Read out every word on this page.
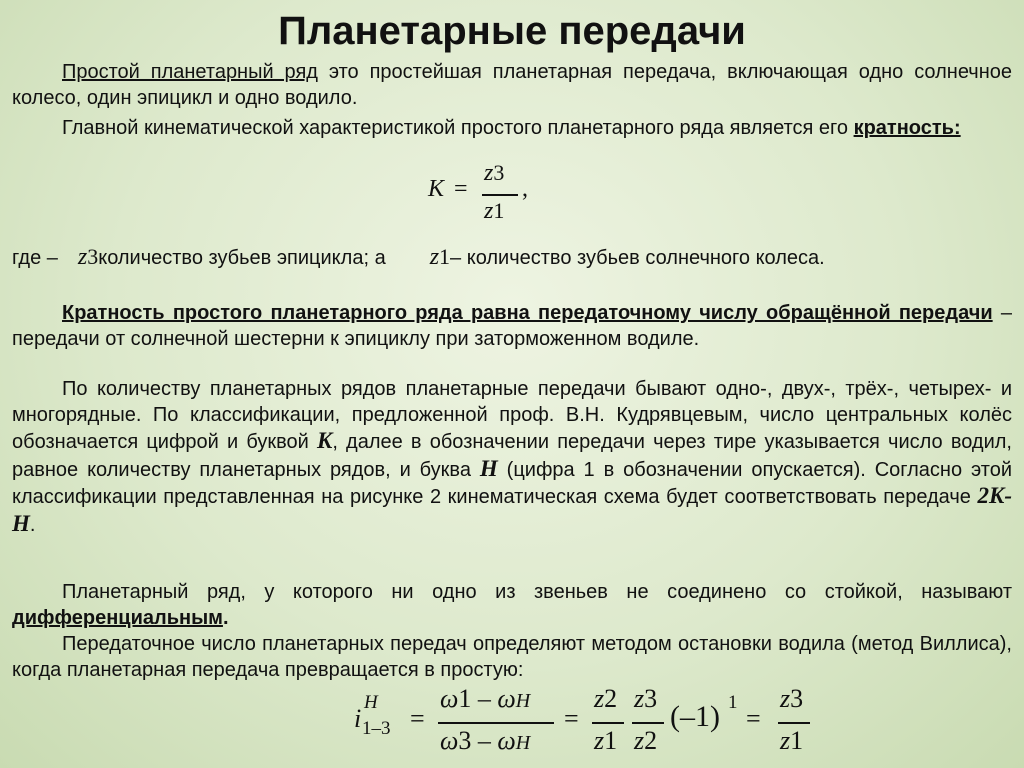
Планетарные передачи
Простой планетарный ряд это простейшая планетарная передача, включающая одно солнечное колесо, один эпицикл и одно водило.
Главной кинематической характеристикой простого планетарного ряда является его кратность:
K =
z3
z1
,
где – z3количество зубьев эпицикла; а z1– количество зубьев солнечного колеса.
Кратность простого планетарного ряда равна передаточному числу обращённой передачи – передачи от солнечной шестерни к эпициклу при заторможенном водиле.
По количеству планетарных рядов планетарные передачи бывают одно-, двух-, трёх-, четырех- и многорядные. По классификации, предложенной проф. В.Н. Кудрявцевым, число центральных колёс обозначается цифрой и буквой K, далее в обозначении передачи через тире указывается число водил, равное количеству планетарных рядов, и буква H (цифра 1 в обозначении опускается). Согласно этой классификации представленная на рисунке 2 кинематическая схема будет соответствовать передаче 2K-H.
Планетарный ряд, у которого ни одно из звеньев не соединено со стойкой, называют дифференциальным.
Передаточное число планетарных передач определяют методом остановки водила (метод Виллиса), когда планетарная передача превращается в простую:
i
H
1–3 =
ω1 – ωH
ω3 – ωH
=
z2
z1
z3
z2
(–1) 1
=
z3
z1
